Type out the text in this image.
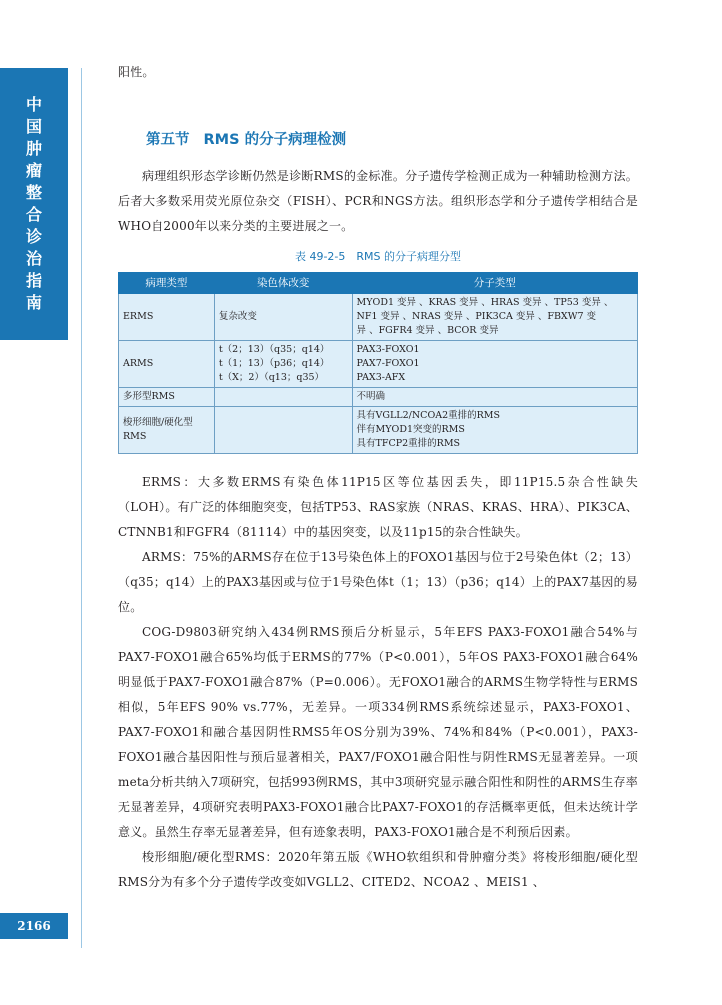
中
国
肿
瘤
整
合
诊
治
指
南
2166

阳性。

第五节 RMS 的分子病理检测

病理组织形态学诊断仍然是诊断RMS的金标准。分子遗传学检测正成为一种辅助检测方法。后者大多数采用荧光原位杂交（FISH）、PCR和NGS方法。组织形态学和分子遗传学相结合是WHO自2000年以来分类的主要进展之一。

表 49-2-5　RMS 的分子病理分型
病理类型	染色体改变	分子类型
ERMS	复杂改变	MYOD1 变异 、KRAS 变异 、HRAS 变异 、TP53 变异 、
NF1 变异 、NRAS 变异 、PIK3CA 变异 、FBXW7 变
异 、FGFR4 变异 、BCOR 变异

ARMS	t（2；13）（q35；q14）
t（1；13）（p36；q14）
t（X；2）（q13；q35）	PAX3-FOXO1
PAX7-FOXO1
PAX3-AFX

多形型RMS		不明确

梭形细胞/硬化型RMS		具有VGLL2/NCOA2重排的RMS
伴有MYOD1突变的RMS
具有TFCP2重排的RMS

ERMS：大多数ERMS有染色体11P15区等位基因丢失，即11P15.5杂合性缺失（LOH）。有广泛的体细胞突变，包括TP53、RAS家族（NRAS、KRAS、HRA）、PIK3CA、CTNNB1和FGFR4（81114）中的基因突变，以及11p15的杂合性缺失。

ARMS：75%的ARMS存在位于13号染色体上的FOXO1基因与位于2号染色体t（2；13）（q35；q14）上的PAX3基因或与位于1号染色体t（1；13）（p36；q14）上的PAX7基因的易位。

COG-D9803研究纳入434例RMS预后分析显示，5年EFS PAX3-FOXO1融合54%与PAX7-FOXO1融合65%均低于ERMS的77%（P<0.001），5年OS PAX3-FOXO1融合64%明显低于PAX7-FOXO1融合87%（P=0.006）。无FOXO1融合的ARMS生物学特性与ERMS相似，5年EFS 90% vs.77%，无差异。一项334例RMS系统综述显示，PAX3-FOXO1、PAX7-FOXO1和融合基因阴性RMS5年OS分别为39%、74%和84%（P<0.001），PAX3-FOXO1融合基因阳性与预后显著相关，PAX7/FOXO1融合阳性与阴性RMS无显著差异。一项meta分析共纳入7项研究，包括993例RMS，其中3项研究显示融合阳性和阴性的ARMS生存率无显著差异，4项研究表明PAX3-FOXO1融合比PAX7-FOXO1的存活概率更低，但未达统计学意义。虽然生存率无显著差异，但有迹象表明，PAX3-FOXO1融合是不利预后因素。

梭形细胞/硬化型RMS：2020年第五版《WHO软组织和骨肿瘤分类》将梭形细胞/硬化型RMS分为有多个分子遗传学改变如VGLL2、CITED2、NCOA2 、MEIS1 、
